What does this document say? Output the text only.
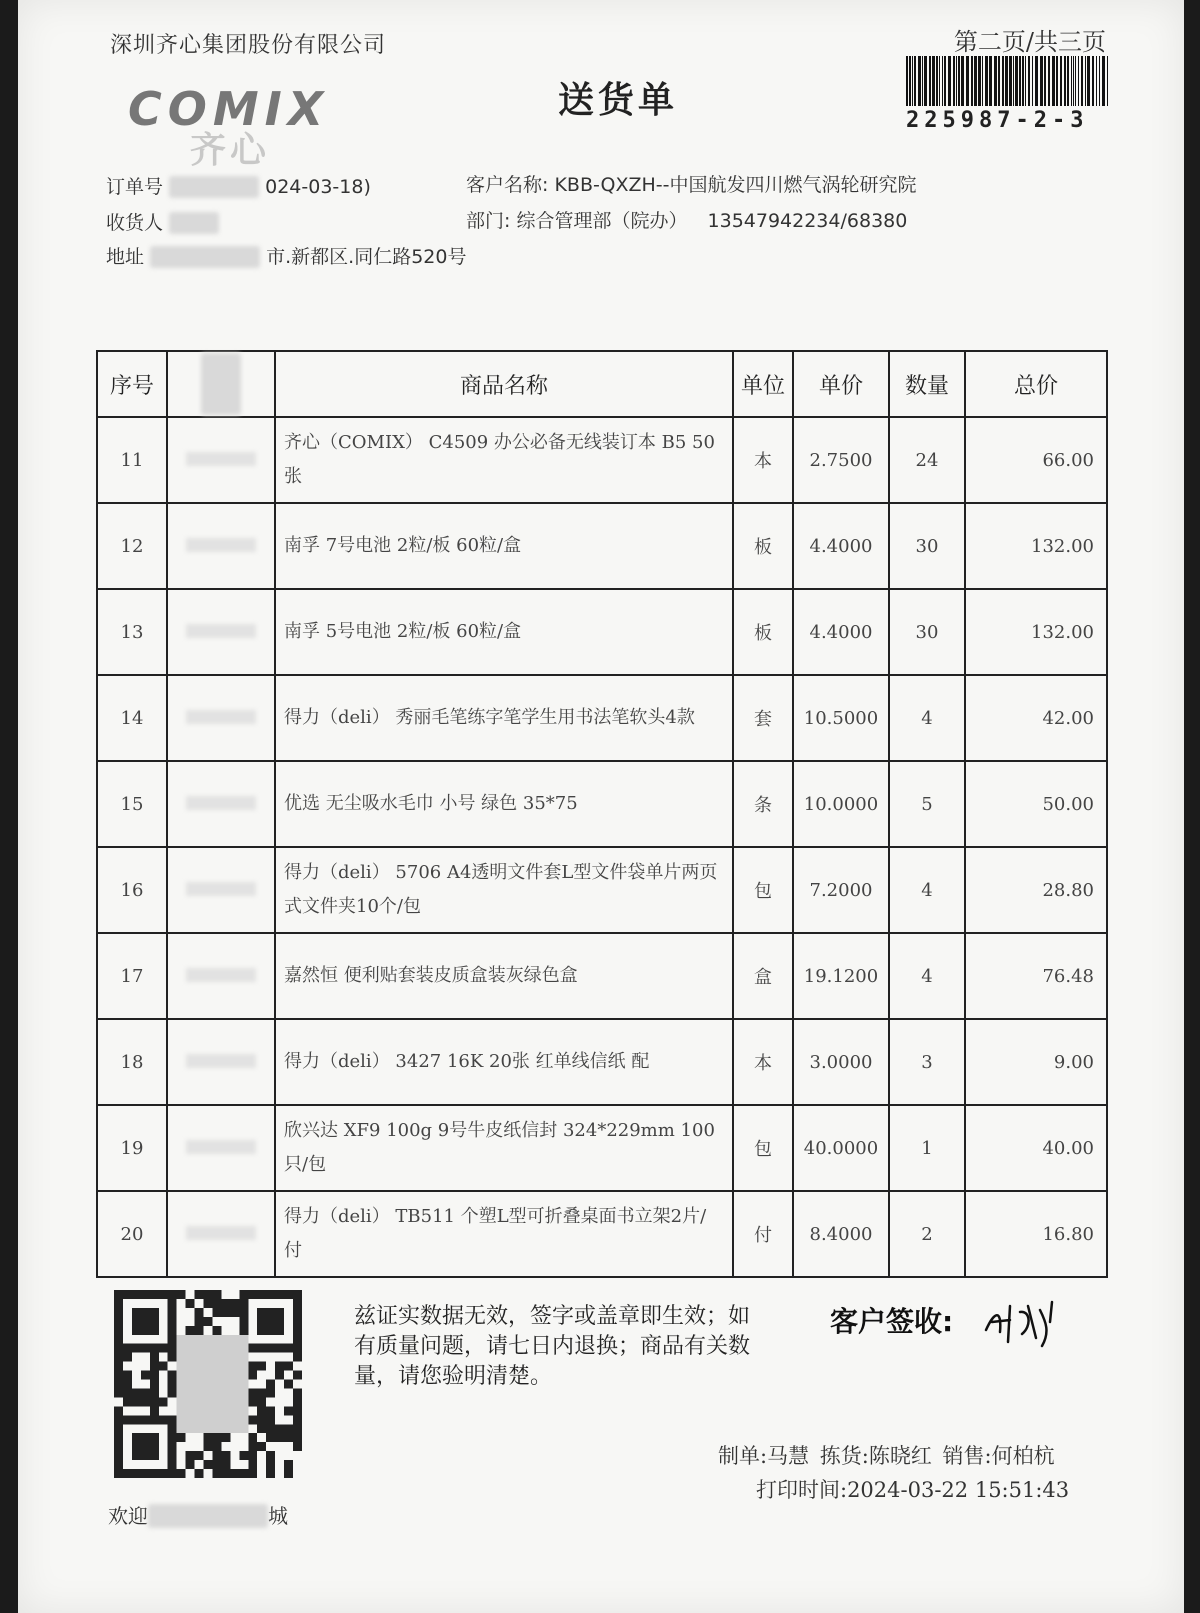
深圳齐心集团股份有限公司	第二页/共三页
COMIX
齐心
送货单	225987-2-3
订单号	024-03-18)
收货人
地址	市.新都区.同仁路520号
客户名称: KBB-QXZH--中国航发四川燃气涡轮研究院
部门: 综合管理部（院办） 13547942234/68380
序号		商品名称	单位	单价	数量	总价
11		齐心（COMIX） C4509 办公必备无线装订本 B5 50张	本	2.7500	24	66.00
12		南孚 7号电池 2粒/板 60粒/盒	板	4.4000	30	132.00
13		南孚 5号电池 2粒/板 60粒/盒	板	4.4000	30	132.00
14		得力（deli） 秀丽毛笔练字笔学生用书法笔软头4款	套	10.5000	4	42.00
15		优选 无尘吸水毛巾 小号 绿色 35*75	条	10.0000	5	50.00
16		得力（deli） 5706 A4透明文件套L型文件袋单片两页式文件夹10个/包	包	7.2000	4	28.80
17		嘉然恒 便利贴套装皮质盒装灰绿色盒	盒	19.1200	4	76.48
18		得力（deli） 3427 16K 20张 红单线信纸 配	本	3.0000	3	9.00
19		欣兴达 XF9 100g 9号牛皮纸信封 324*229mm 100只/包	包	40.0000	1	40.00
20		得力（deli） TB511 个塑L型可折叠桌面书立架2片/付	付	8.4000	2	16.80
欢迎	城
兹证实数据无效，签字或盖章即生效；如有质量问题，请七日内退换；商品有关数量，请您验明清楚。
客户签收:
制单:马慧 拣货:陈晓红 销售:何柏杭
打印时间:2024-03-22 15:51:43
